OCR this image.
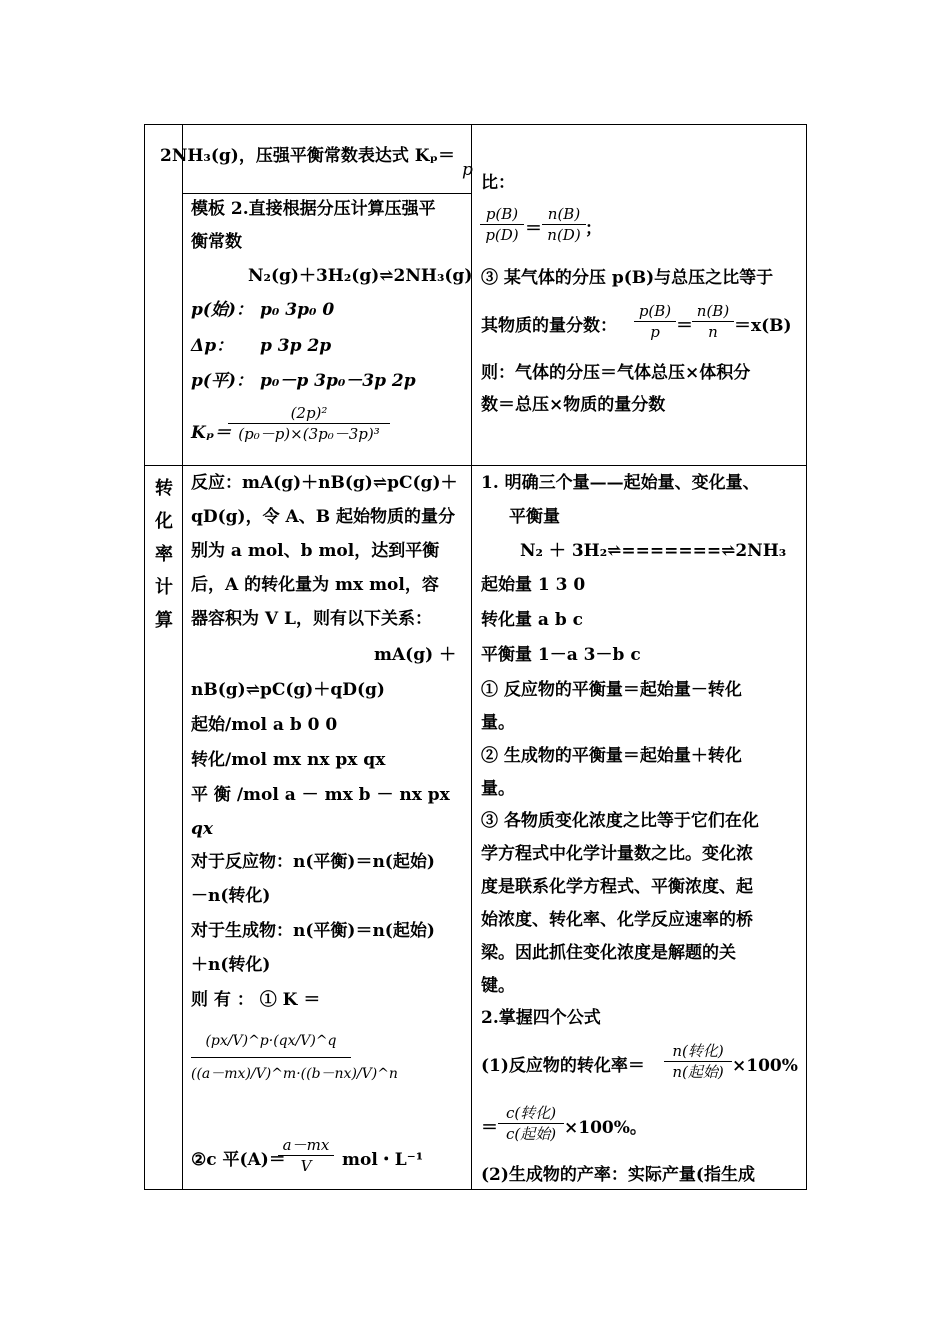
2NH₃(g)，压强平衡常数表达式 Kₚ＝
p
模板 2.直接根据分压计算压强平
衡常数
N₂(g)＋3H₂(g)⇌2NH₃(g)
p(始)： p₀ 3p₀ 0
Δp： p 3p 2p
p(平)： p₀－p 3p₀－3p 2p
Kₚ＝
(2p)²
(p₀－p)×(3p₀－3p)³
比：
p(B)
p(D) ＝
n(B)
n(D) ；
③ 某气体的分压 p(B)与总压之比等于
其物质的量分数：
p(B)
p ＝
n(B)
n ＝x(B)
则：气体的分压＝气体总压×体积分
数＝总压×物质的量分数
转
化
率
计
算
反应：mA(g)＋nB(g)⇌pC(g)＋
qD(g)，令 A、B 起始物质的量分
别为 a mol、b mol，达到平衡
后，A 的转化量为 mx mol，容
器容积为 V L，则有以下关系：
mA(g) ＋
nB(g)⇌pC(g)＋qD(g)
起始/mol a b 0 0
转化/mol mx nx px qx
平 衡 /mol a － mx b － nx px
qx
对于反应物：n(平衡)＝n(起始)
－n(转化)
对于生成物：n(平衡)＝n(起始)
＋n(转化)
则 有 ： ① K ＝
(px/V)^p·(qx/V)^q
((a－mx)/V)^m·((b－nx)/V)^n
②c 平(A)＝
a－mx
V	mol・L⁻¹
1. 明确三个量——起始量、变化量、
平衡量
N₂ ＋ 3H₂⇌=======⇌2NH₃
起始量 1 3 0
转化量 a b c
平衡量 1－a 3－b c
① 反应物的平衡量＝起始量－转化
量。
② 生成物的平衡量＝起始量＋转化
量。
③ 各物质变化浓度之比等于它们在化
学方程式中化学计量数之比。变化浓
度是联系化学方程式、平衡浓度、起
始浓度、转化率、化学反应速率的桥
梁。因此抓住变化浓度是解题的关
键。
2.掌握四个公式
(1)反应物的转化率＝
n(转化)
n(起始) ×100%
＝
c(转化)
c(起始) ×100%。
(2)生成物的产率：实际产量(指生成
